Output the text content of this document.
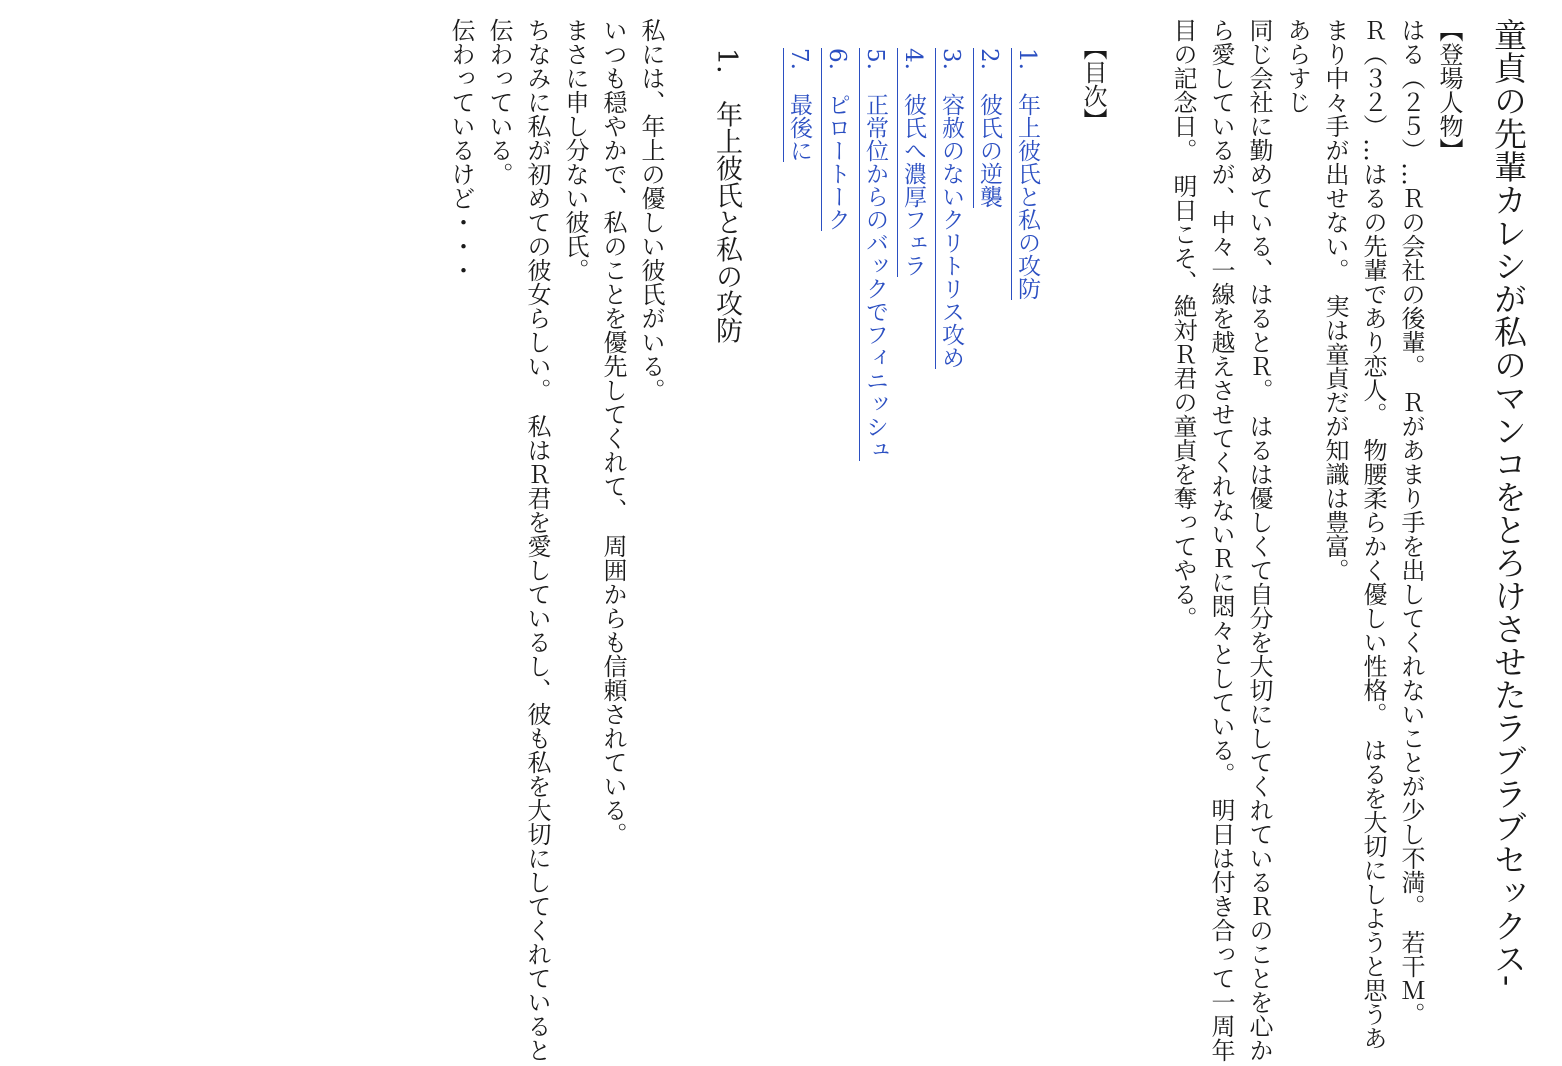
童貞の先輩カレシが私のマンコをとろけさせたラブラブセックス-

【登場人物】

はる（２５）…Ｒの会社の後輩。　Ｒがあまり手を出してくれないことが少し不満。　若干Ｍ。

Ｒ（３２）…はるの先輩であり恋人。　物腰柔らかく優しい性格。　はるを大切にしようと思うあまり中々手が出せない。　実は童貞だが知識は豊富。

あらすじ

同じ会社に勤めている、はるとＲ。　はるは優しくて自分を大切にしてくれているＲのことを心から愛しているが、中々一線を越えさせてくれないＲに悶々としている。　明日は付き合って一周年目の記念日。　明日こそ、絶対Ｒ君の童貞を奪ってやる。

【目次】

1.　年上彼氏と私の攻防
2.　彼氏の逆襲
3.　容赦のないクリトリス攻め
4.　彼氏へ濃厚フェラ
5.　正常位からのバックでフィニッシュ
6.　ピロートーク
7.　最後に
1.　年上彼氏と私の攻防

私には、年上の優しい彼氏がいる。

いつも穏やかで、私のことを優先してくれて、　周囲からも信頼されている。

まさに申し分ない彼氏。

ちなみに私が初めての彼女らしい。　私はＲ君を愛しているし、彼も私を大切にしてくれていると伝わっている。

伝わっているけど・・・
